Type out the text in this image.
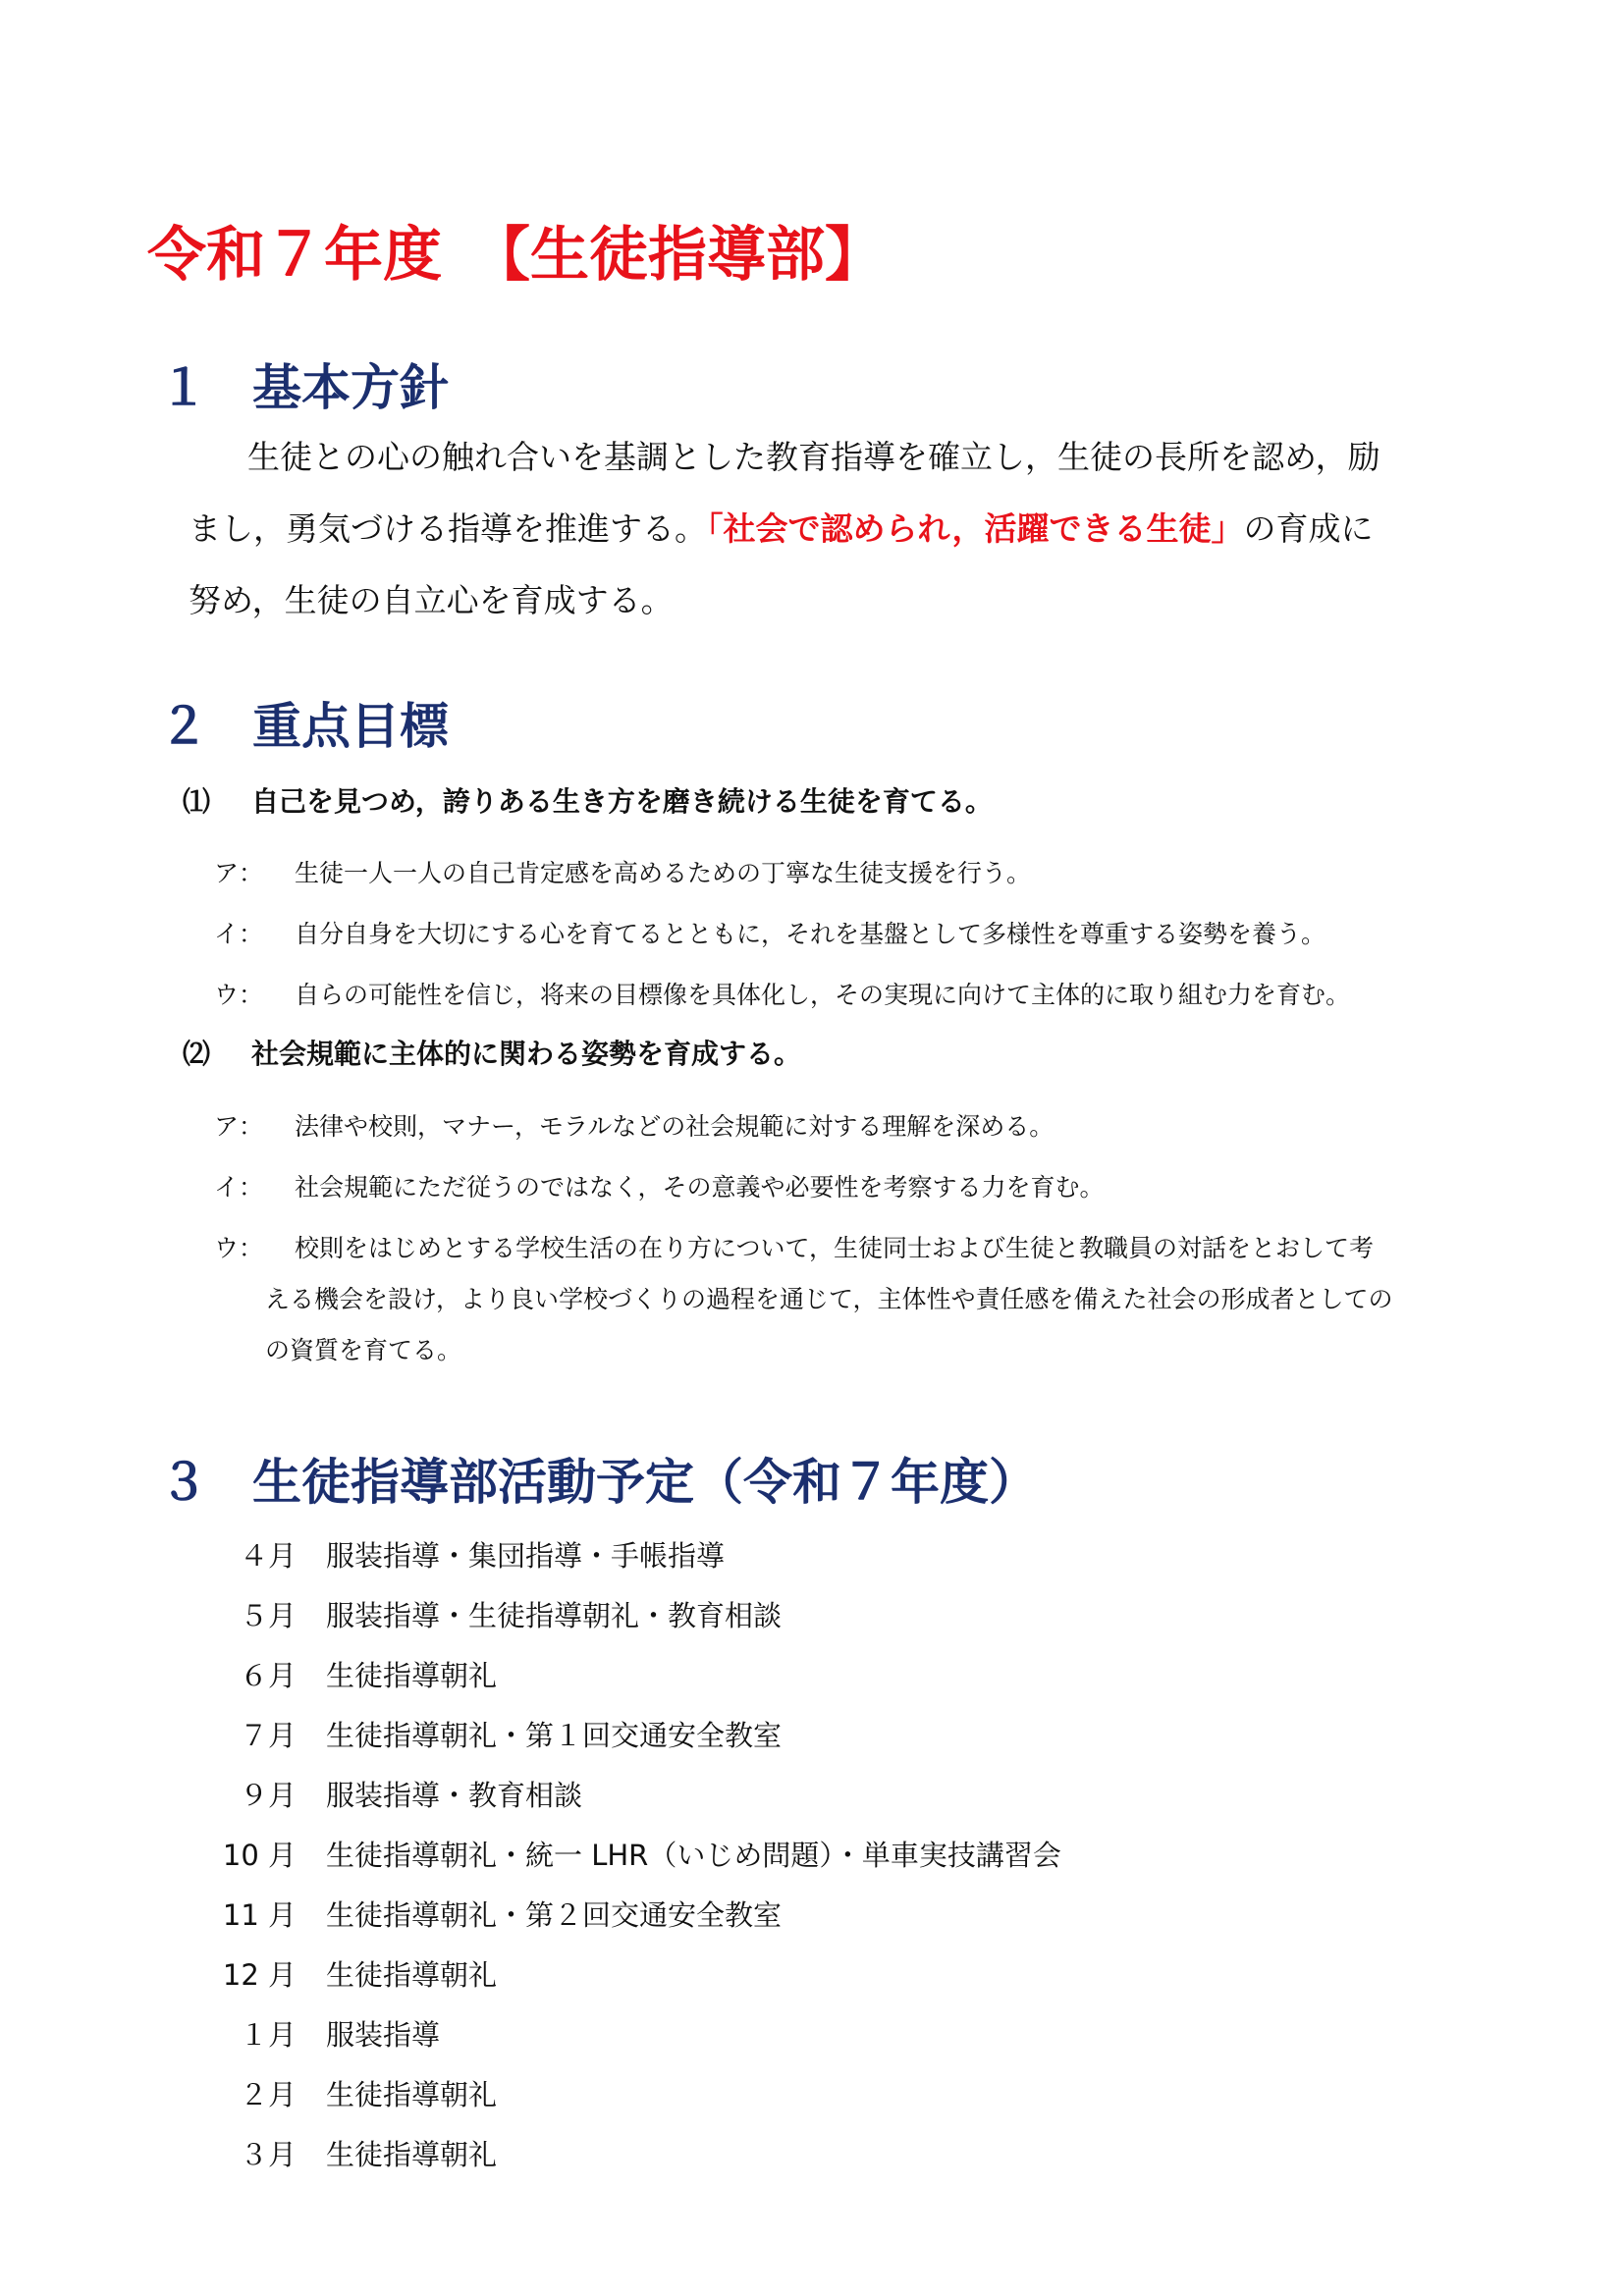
令和７年度　【生徒指導部】
１ 基本方針
生徒との心の触れ合いを基調とした教育指導を確立し，生徒の長所を認め，励
まし，勇気づける指導を推進する。「社会で認められ，活躍できる生徒」の育成に
努め，生徒の自立心を育成する。
２ 重点目標
⑴ 自己を見つめ，誇りある生き方を磨き続ける生徒を育てる。
ア： 生徒一人一人の自己肯定感を高めるための丁寧な生徒支援を行う。
イ： 自分自身を大切にする心を育てるとともに，それを基盤として多様性を尊重する姿勢を養う。
ウ： 自らの可能性を信じ，将来の目標像を具体化し，その実現に向けて主体的に取り組む力を育む。
⑵ 社会規範に主体的に関わる姿勢を育成する。
ア： 法律や校則，マナー，モラルなどの社会規範に対する理解を深める。
イ： 社会規範にただ従うのではなく，その意義や必要性を考察する力を育む。
ウ： 校則をはじめとする学校生活の在り方について，生徒同士および生徒と教職員の対話をとおして考
える機会を設け，より良い学校づくりの過程を通じて，主体性や責任感を備えた社会の形成者としての
の資質を育てる。
３ 生徒指導部活動予定（令和７年度）
４月 服装指導・集団指導・手帳指導
５月 服装指導・生徒指導朝礼・教育相談
６月 生徒指導朝礼
７月 生徒指導朝礼・第１回交通安全教室
９月 服装指導・教育相談
10 月 生徒指導朝礼・統一 LHR（いじめ問題）・単車実技講習会
11 月 生徒指導朝礼・第２回交通安全教室
12 月 生徒指導朝礼
１月 服装指導
２月 生徒指導朝礼
３月 生徒指導朝礼
